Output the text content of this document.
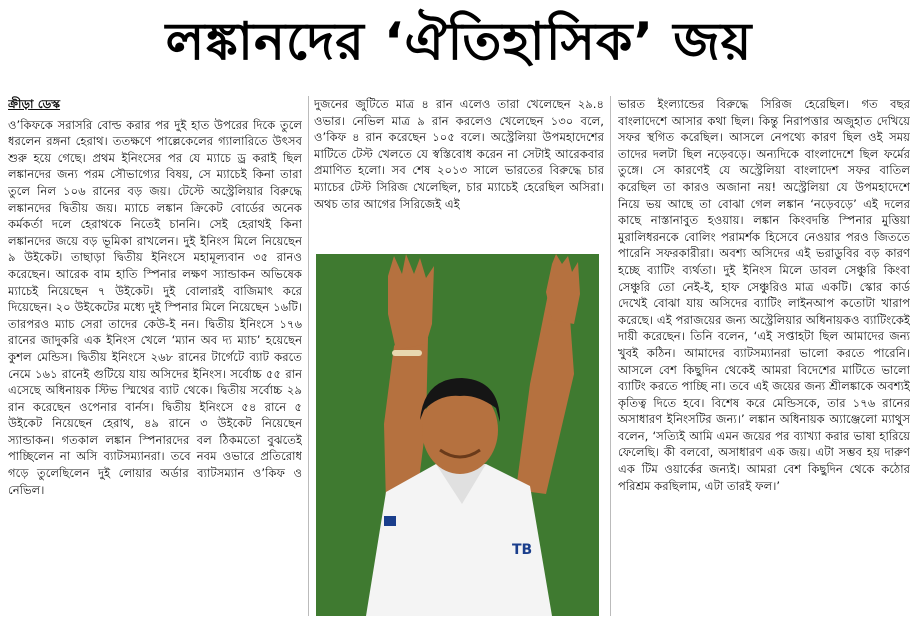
লঙ্কানদের ‘ঐতিহাসিক’ জয়
ক্রীড়া ডেস্ক

ও’কিফকে সরাসরি বোল্ড করার পর দুই হাত উপরের দিকে তুলে ধরলেন রঙ্গনা হেরাথ। ততক্ষণে পাল্লেকেলের গ্যালারিতে উৎসব শুরু হয়ে গেছে। প্রথম ইনিংসের পর যে ম্যাচে ড্র করাই ছিল লঙ্কানদের জন্য পরম সৌভাগ্যের বিষয়, সে ম্যাচেই কিনা তারা তুলে নিল ১০৬ রানের বড় জয়। টেস্টে অস্ট্রেলিয়ার বিরুদ্ধে লঙ্কানদের দ্বিতীয় জয়। ম্যাচে লঙ্কান ক্রিকেট বোর্ডের অনেক কর্মকর্তা দলে হেরাথকে নিতেই চাননি। সেই হেরাথই কিনা লঙ্কানদের জয়ে বড় ভূমিকা রাখলেন। দুই ইনিংস মিলে নিয়েছেন ৯ উইকেট। তাছাড়া দ্বিতীয় ইনিংসে মহামূল্যবান ৩৫ রানও করেছেন। আরেক বাম হাতি স্পিনার লক্ষণ স্যান্ডাকন অভিষেক ম্যাচেই নিয়েছেন ৭ উইকেট। দুই বোলারই বাজিমাৎ করে দিয়েছেন। ২০ উইকেটের মধ্যে দুই স্পিনার মিলে নিয়েছেন ১৬টি। তারপরও ম্যাচ সেরা তাদের কেউ-ই নন। দ্বিতীয় ইনিংসে ১৭৬ রানের জাদুকরি এক ইনিংস খেলে ‘ম্যান অব দ্য ম্যাচ’ হয়েছেন কুশল মেন্ডিস। দ্বিতীয় ইনিংসে ২৬৮ রানের টার্গেটে ব্যাট করতে নেমে ১৬১ রানেই গুটিয়ে যায় অসিদের ইনিংস। সর্বোচ্চ ৫৫ রান এসেছে অধিনায়ক স্টিভ স্মিথের ব্যাট থেকে। দ্বিতীয় সর্বোচ্চ ২৯ রান করেছেন ওপেনার বার্নস। দ্বিতীয় ইনিংসে ৫৪ রানে ৫ উইকেট নিয়েছেন হেরাথ, ৪৯ রানে ৩ উইকেট নিয়েছেন স্যান্ডাকন। গতকাল লঙ্কান স্পিনারদের বল ঠিকমতো বুঝতেই পাচ্ছিলেন না অসি ব্যাটসম্যানরা। তবে নবম ওভারে প্রতিরোধ গড়ে তুলেছিলেন দুই লোয়ার অর্ডার ব্যাটসম্যান ও’কিফ ও নেভিল।

দুজনের জুটিতে মাত্র ৪ রান এলেও তারা খেলেছেন ২৯.৪ ওভার। নেভিল মাত্র ৯ রান করলেও খেলেছেন ১৩০ বলে, ও’কিফ ৪ রান করেছেন ১০৫ বলে। অস্ট্রেলিয়া উপমহাদেশের মাটিতে টেস্ট খেলতে যে স্বস্তিবোধ করেন না সেটাই আরেকবার প্রমাণিত হলো। সব শেষ ২০১৩ সালে ভারতের বিরুদ্ধে চার ম্যাচের টেস্ট সিরিজ খেলেছিল, চার ম্যাচেই হেরেছিল অসিরা। অথচ তার আগের সিরিজেই এই

TB

ভারত ইংল্যান্ডের বিরুদ্ধে সিরিজ হেরেছিল। গত বছর বাংলাদেশে আসার কথা ছিল। কিন্তু নিরাপত্তার অজুহাত দেখিয়ে সফর স্থগিত করেছিল। আসলে নেপথ্যে কারণ ছিল ওই সময় তাদের দলটা ছিল নড়েবড়ে। অন্যদিকে বাংলাদেশে ছিল ফর্মের তুঙ্গে। সে কারণেই যে অস্ট্রেলিয়া বাংলাদেশ সফর বাতিল করেছিল তা কারও অজানা নয়! অস্ট্রেলিয়া যে উপমহাদেশে নিয়ে ভয় আছে তা বোঝা গেল লঙ্কান ‘নড়েবড়ে’ এই দলের কাছে নাস্তানাবুত হওয়ায়। লঙ্কান কিংবদন্তি স্পিনার মুত্তিয়া মুরালিধরনকে বোলিং পরামর্শক হিসেবে নেওয়ার পরও জিততে পারেনি সফরকারীরা। অবশ্য অসিদের এই ভরাডুবির বড় কারণ হচ্ছে ব্যাটিং ব্যর্থতা। দুই ইনিংস মিলে ডাবল সেঞ্চুরি কিংবা সেঞ্চুরি তো নেই-ই, হাফ সেঞ্চুরিও মাত্র একটি। স্কোর কার্ড দেখেই বোঝা যায় অসিদের ব্যাটিং লাইনআপ কতোটা খারাপ করেছে। এই পরাজয়ের জন্য অস্ট্রেলিয়ার অধিনায়কও ব্যাটিংকেই দায়ী করেছেন। তিনি বলেন, ‘এই সপ্তাহটা ছিল আমাদের জন্য খুবই কঠিন। আমাদের ব্যাটসম্যানরা ভালো করতে পারেনি। আসলে বেশ কিছুদিন থেকেই আমরা বিদেশের মাটিতে ভালো ব্যাটিং করতে পাচ্ছি না। তবে এই জয়ের জন্য শ্রীলঙ্কাকে অবশ্যই কৃতিত্ব দিতে হবে। বিশেষ করে মেন্ডিসকে, তার ১৭৬ রানের অসাধারণ ইনিংসটির জন্য।’ লঙ্কান অধিনায়ক অ্যাঞ্জেলো ম্যাথুস বলেন, ‘সত্যিই আমি এমন জয়ের পর ব্যাখ্যা করার ভাষা হারিয়ে ফেলেছি। কী বলবো, অসাধারণ এক জয়। এটা সম্ভব হয় দারুণ এক টিম ওয়ার্কের জন্যই। আমরা বেশ কিছুদিন থেকে কঠোর পরিশ্রম করছিলাম, এটা তারই ফল।’
